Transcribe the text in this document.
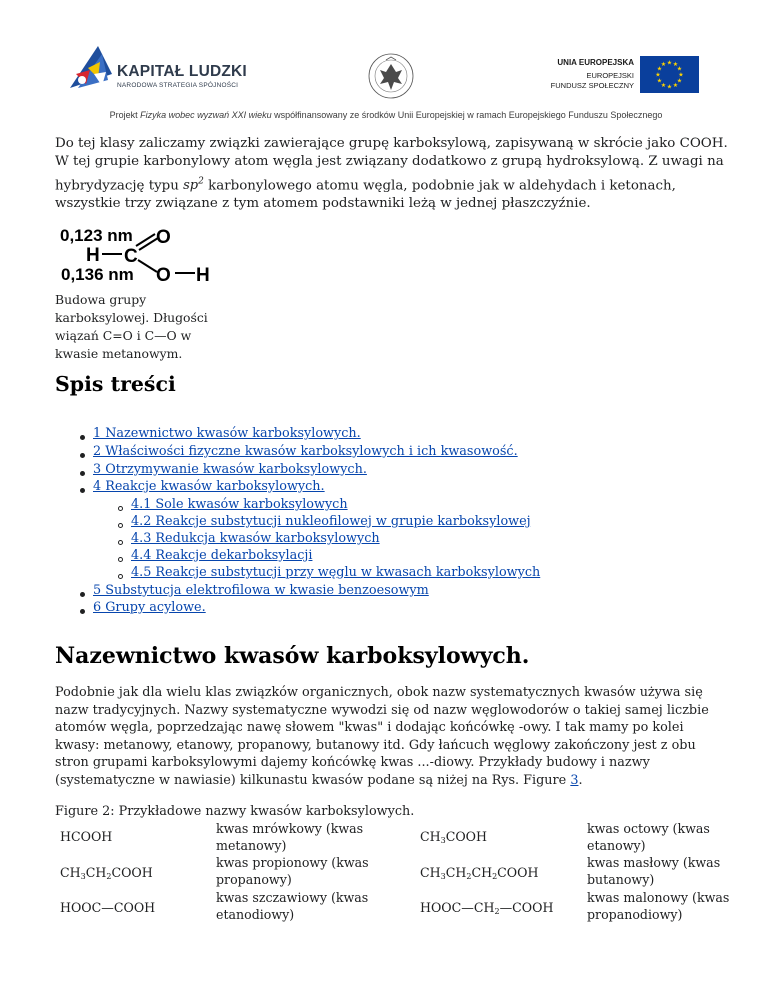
KAPITAŁ LUDZKI
NARODOWA STRATEGIA SPÓJNOŚCI
UNIA EUROPEJSKA
EUROPEJSKI
FUNDUSZ SPOŁECZNY
★ ★
★
★
★
★
★
★
★
★
★
★
Projekt Fizyka wobec wyzwań XXI wieku współfinansowany ze środków Unii Europejskiej w ramach Europejskiego Funduszu Społecznego

Do tej klasy zaliczamy związki zawierające grupę karboksylową, zapisywaną w skrócie jako COOH.

W tej grupie karbonylowy atom węgla jest związany dodatkowo z grupą hydroksylową. Z uwagi na

hybrydyzację typu $sp^2$ karbonylowego atomu węgla, podobnie jak w aldehydach i ketonach,

wszystkie trzy związane z tym atomem podstawniki leżą w jednej płaszczyźnie.

0,123 nm
0,136 nm
O
H C
O H
Budowa grupy
karboksylowej. Długości
wiązań C=O i C—O w
kwasie metanowym.
Spis treści
1 Nazewnictwo kwasów karboksylowych.
2 Właściwości fizyczne kwasów karboksylowych i ich kwasowość.
3 Otrzymywanie kwasów karboksylowych.
4 Reakcje kwasów karboksylowych.
4.1 Sole kwasów karboksylowych
4.2 Reakcje substytucji nukleofilowej w grupie karboksylowej
4.3 Redukcja kwasów karboksylowych
4.4 Reakcje dekarboksylacji
4.5 Reakcje substytucji przy węglu w kwasach karboksylowych
5 Substytucja elektrofilowa w kwasie benzoesowym
6 Grupy acylowe.
Nazewnictwo kwasów karboksylowych.

Podobnie jak dla wielu klas związków organicznych, obok nazw systematycznych kwasów używa się

nazw tradycyjnych. Nazwy systematyczne wywodzi się od nazw węglowodorów o takiej samej liczbie

atomów węgla, poprzedzając nawę słowem "kwas" i dodając końcówkę -owy. I tak mamy po kolei

kwasy: metanowy, etanowy, propanowy, butanowy itd. Gdy łańcuch węglowy zakończony jest z obu

stron grupami karboksylowymi dajemy końcówkę kwas ...-diowy. Przykłady budowy i nazwy

(systematyczne w nawiasie) kilkunastu kwasów podane są niżej na Rys. Figure 3.

Figure 2: Przykładowe nazwy kwasów karboksylowych.
HCOOH
kwas mrówkowy (kwas
metanowy)
$CH_3COOH$
kwas octowy (kwas
etanowy)
$CH_3CH_2COOH$
kwas propionowy (kwas
propanowy)	$CH_3CH_2CH_2COOH$
kwas masłowy (kwas
butanowy)
HOOC—COOH
kwas szczawiowy (kwas
etanodiowy)	$HOOC—CH_2—COOH$
kwas malonowy (kwas
propanodiowy)
